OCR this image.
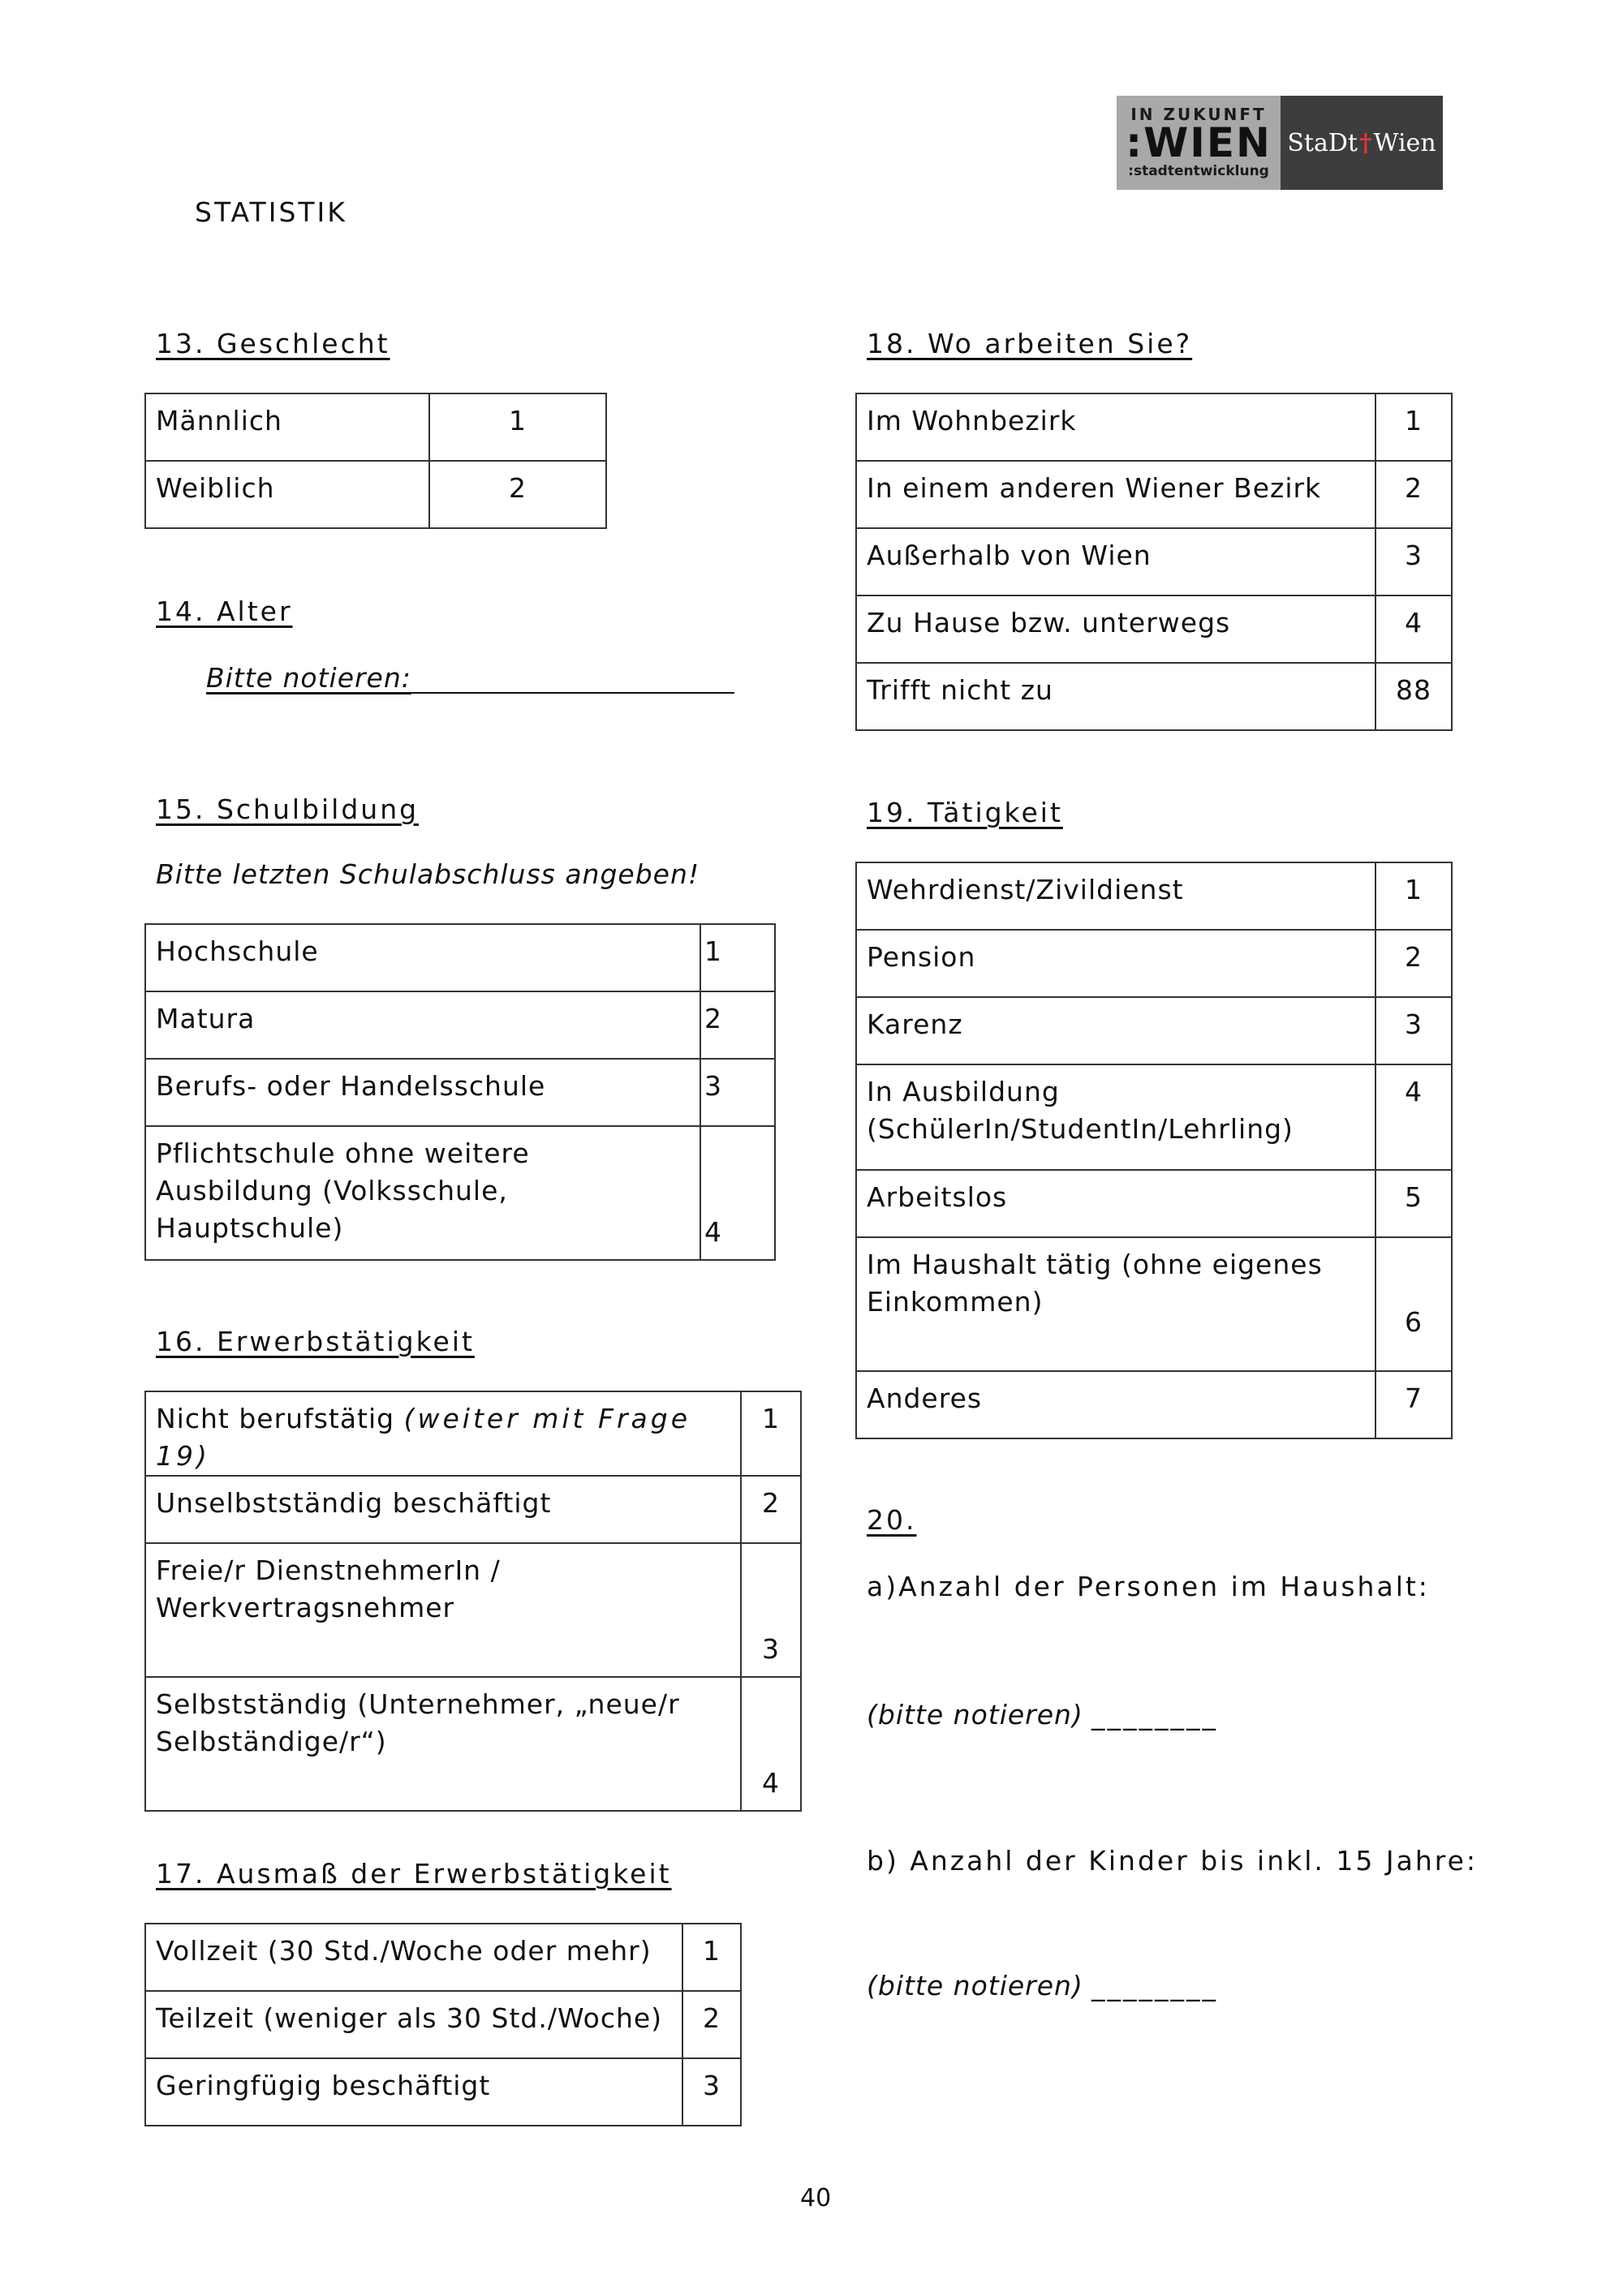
IN ZUKUNFT
:WIEN
:stadtentwicklung
StaDt † Wien
STATISTIK
13. Geschlecht
Männlich	1
Weiblich	2
14. Alter
Bitte notieren:
15. Schulbildung
Bitte letzten Schulabschluss angeben!
Hochschule	1
Matura	2
Berufs- oder Handelsschule	3
Pflichtschule ohne weitere Ausbildung (Volksschule, Hauptschule)	4
16. Erwerbstätigkeit
Nicht berufstätig (weiter mit Frage 19)	1
Unselbstständig beschäftigt	2
Freie/r DienstnehmerIn / Werkvertragsnehmer	3
Selbstständig (Unternehmer, „neue/r Selbständige/r“)	4
17. Ausmaß der Erwerbstätigkeit
Vollzeit (30 Std./Woche oder mehr)	1
Teilzeit (weniger als 30 Std./Woche)	2
Geringfügig beschäftigt	3
18. Wo arbeiten Sie?
Im Wohnbezirk	1
In einem anderen Wiener Bezirk	2
Außerhalb von Wien	3
Zu Hause bzw. unterwegs	4
Trifft nicht zu	88
19. Tätigkeit
Wehrdienst/Zivildienst	1
Pension	2
Karenz	3
In Ausbildung (SchülerIn/StudentIn/Lehrling)	4
Arbeitslos	5
Im Haushalt tätig (ohne eigenes Einkommen)	6
Anderes	7
20.
a)Anzahl der Personen im Haushalt:
(bitte notieren) ________
b) Anzahl der Kinder bis inkl. 15 Jahre:
(bitte notieren) ________
40
